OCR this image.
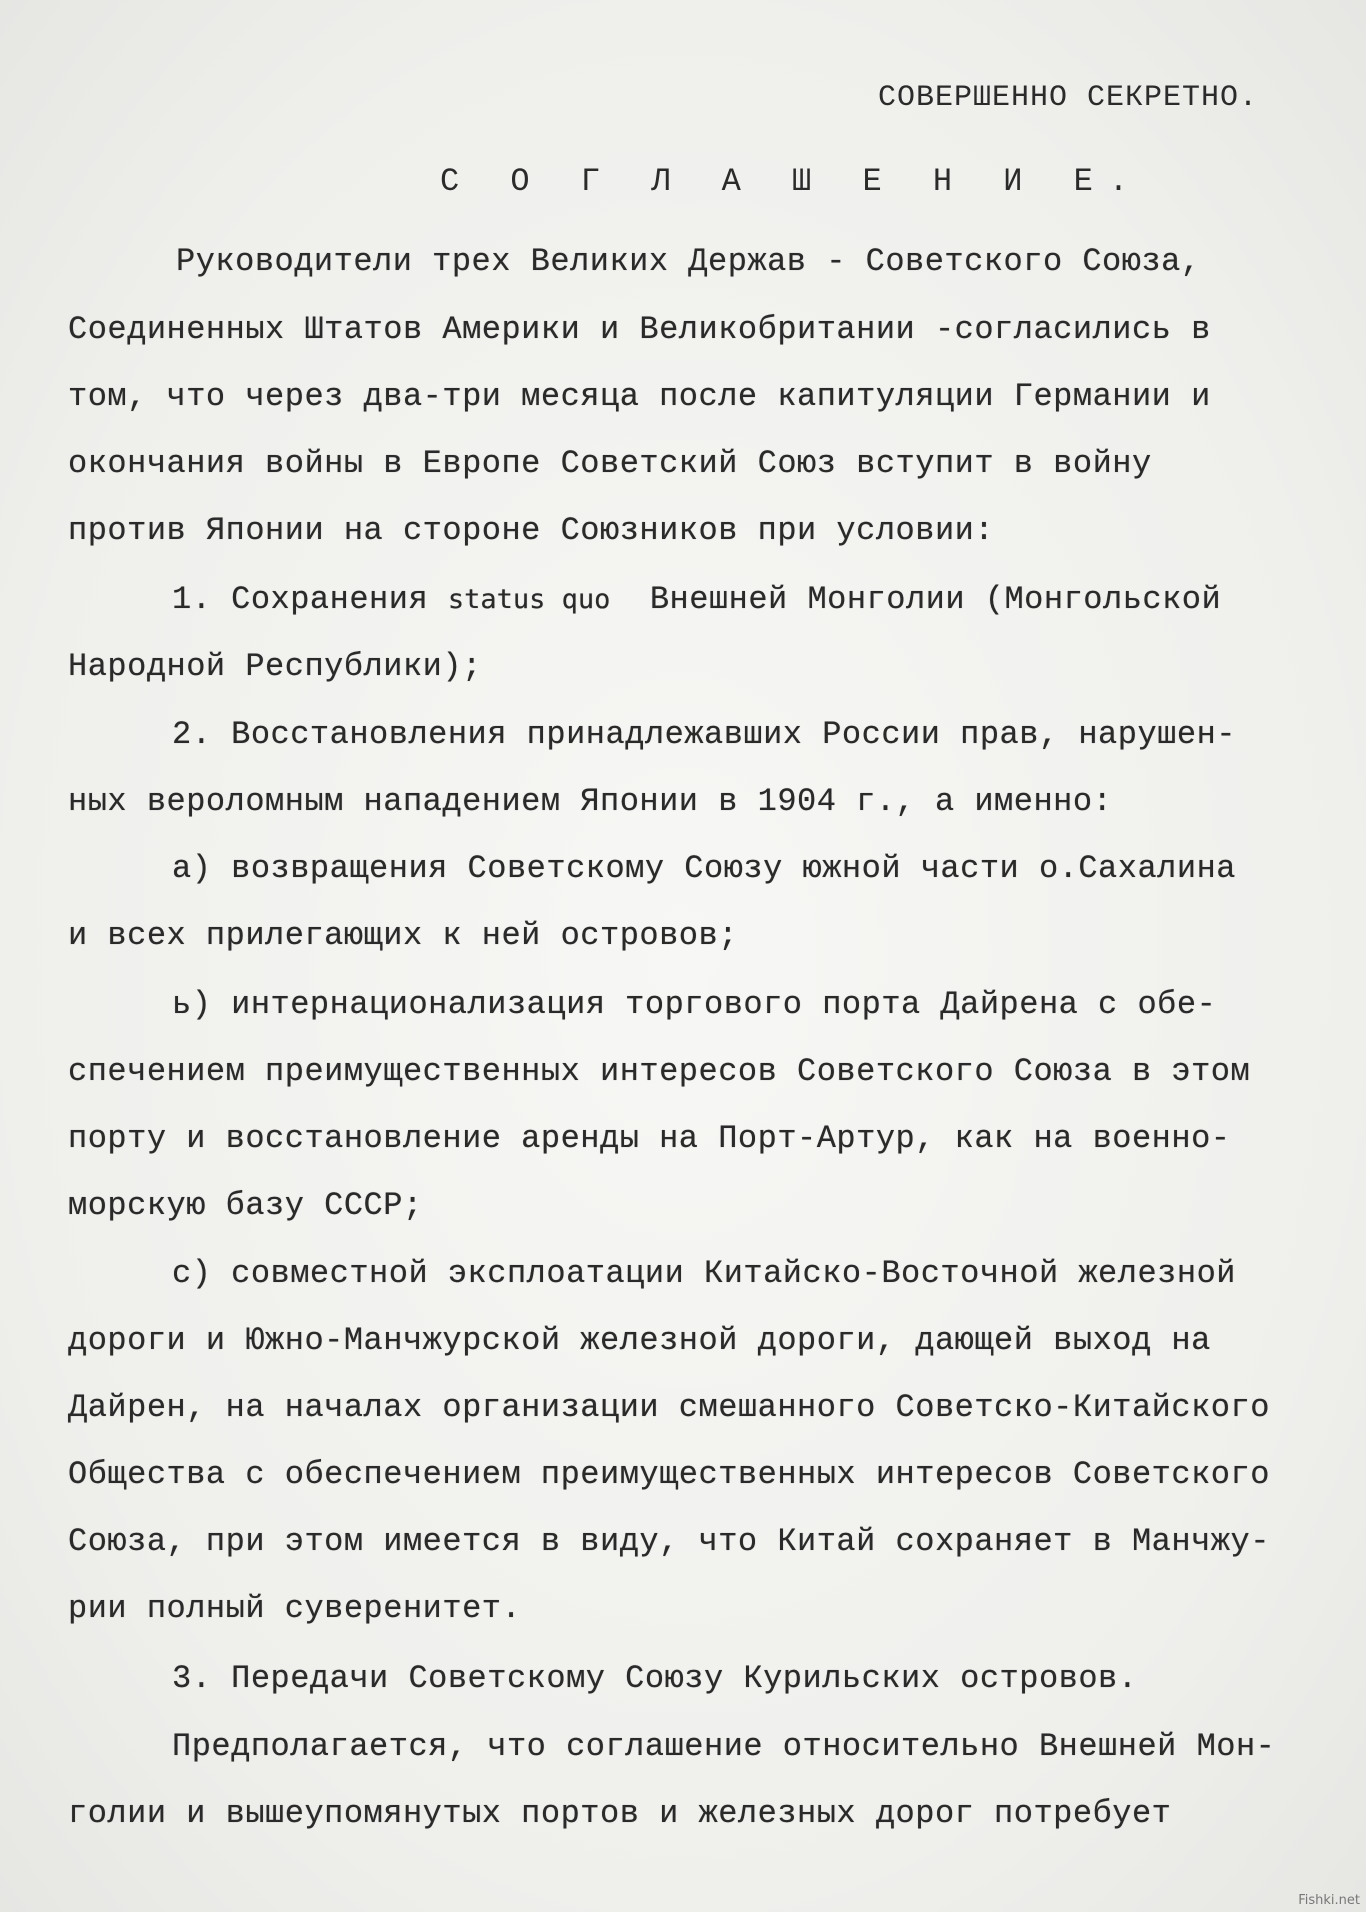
СОВЕРШЕННО СЕКРЕТНО.
С О Г Л А Ш Е Н И Е.
Руководители трех Великих Держав - Советского Союза,
Соединенных Штатов Америки и Великобритании -согласились в
том, что через два-три месяца после капитуляции Германии и
окончания войны в Европе Советский Союз вступит в войну
против Японии на стороне Союзников при условии:
1. Сохранения status quo  Внешней Монголии (Монгольской
Народной Республики);
2. Восстановления принадлежавших России прав, нарушен-
ных вероломным нападением Японии в 1904 г., а именно:
a) возвращения Советскому Союзу южной части о.Сахалина
и всех прилегающих к ней островов;
ь) интернационализация торгового порта Дайрена с обе-
спечением преимущественных интересов Советского Союза в этом
порту и восстановление аренды на Порт-Артур, как на военно-
морскую базу СССР;
c) совместной эксплоатации Китайско-Восточной железной
дороги и Южно-Манчжурской железной дороги, дающей выход на
Дайрен, на началах организации смешанного Советско-Китайского
Общества с обеспечением преимущественных интересов Советского
Союза, при этом имеется в виду, что Китай сохраняет в Манчжу-
рии полный суверенитет.
3. Передачи Советскому Союзу Курильских островов.
Предполагается, что соглашение относительно Внешней Мон-
голии и вышеупомянутых портов и железных дорог потребует
Fishki.net
